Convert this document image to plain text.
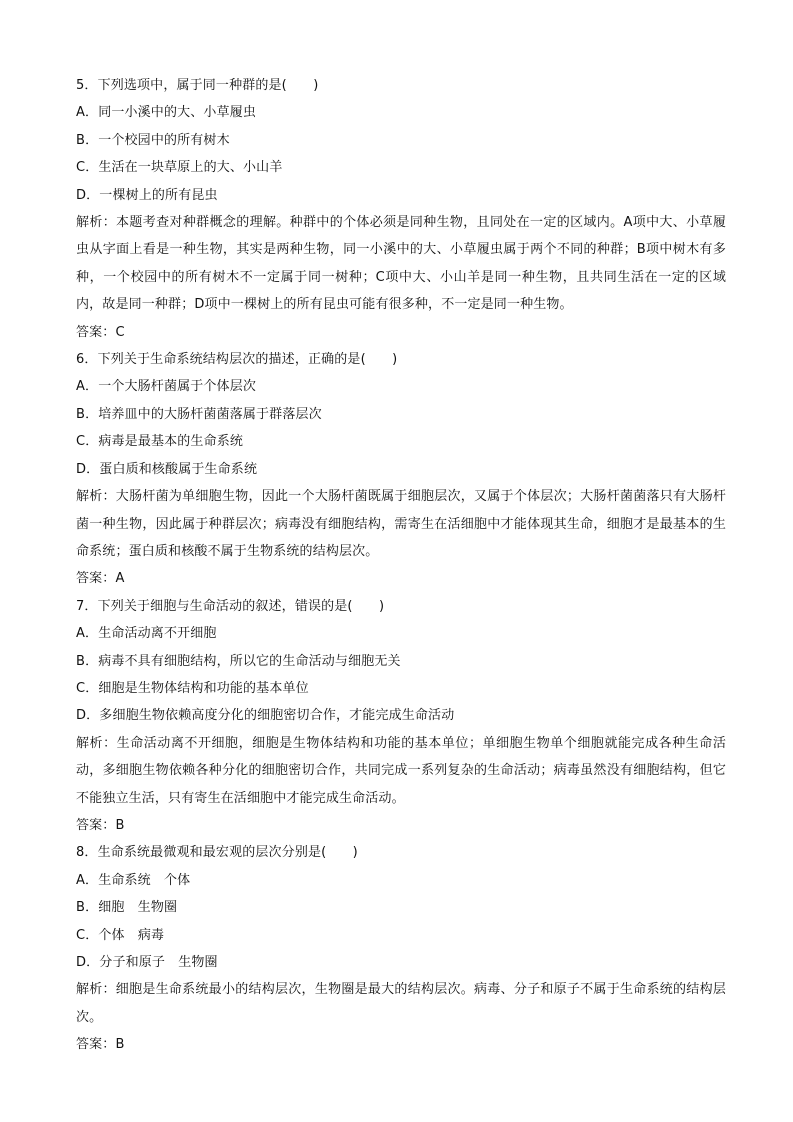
5．下列选项中，属于同一种群的是(　　)
A．同一小溪中的大、小草履虫
B．一个校园中的所有树木
C．生活在一块草原上的大、小山羊
D．一棵树上的所有昆虫
解析：本题考查对种群概念的理解。种群中的个体必须是同种生物，且同处在一定的区域内。A项中大、小草履虫从字面上看是一种生物，其实是两种生物，同一小溪中的大、小草履虫属于两个不同的种群；B项中树木有多种，一个校园中的所有树木不一定属于同一树种；C项中大、小山羊是同一种生物，且共同生活在一定的区域内，故是同一种群；D项中一棵树上的所有昆虫可能有很多种，不一定是同一种生物。
答案：C
6．下列关于生命系统结构层次的描述，正确的是(　　)
A．一个大肠杆菌属于个体层次
B．培养皿中的大肠杆菌菌落属于群落层次
C．病毒是最基本的生命系统
D．蛋白质和核酸属于生命系统
解析：大肠杆菌为单细胞生物，因此一个大肠杆菌既属于细胞层次，又属于个体层次；大肠杆菌菌落只有大肠杆菌一种生物，因此属于种群层次；病毒没有细胞结构，需寄生在活细胞中才能体现其生命，细胞才是最基本的生命系统；蛋白质和核酸不属于生物系统的结构层次。
答案：A
7．下列关于细胞与生命活动的叙述，错误的是(　　)
A．生命活动离不开细胞
B．病毒不具有细胞结构，所以它的生命活动与细胞无关
C．细胞是生物体结构和功能的基本单位
D．多细胞生物依赖高度分化的细胞密切合作，才能完成生命活动
解析：生命活动离不开细胞，细胞是生物体结构和功能的基本单位；单细胞生物单个细胞就能完成各种生命活动，多细胞生物依赖各种分化的细胞密切合作，共同完成一系列复杂的生命活动；病毒虽然没有细胞结构，但它不能独立生活，只有寄生在活细胞中才能完成生命活动。
答案：B
8．生命系统最微观和最宏观的层次分别是(　　)
A．生命系统　个体
B．细胞　生物圈
C．个体　病毒
D．分子和原子　生物圈
解析：细胞是生命系统最小的结构层次，生物圈是最大的结构层次。病毒、分子和原子不属于生命系统的结构层次。
答案：B
